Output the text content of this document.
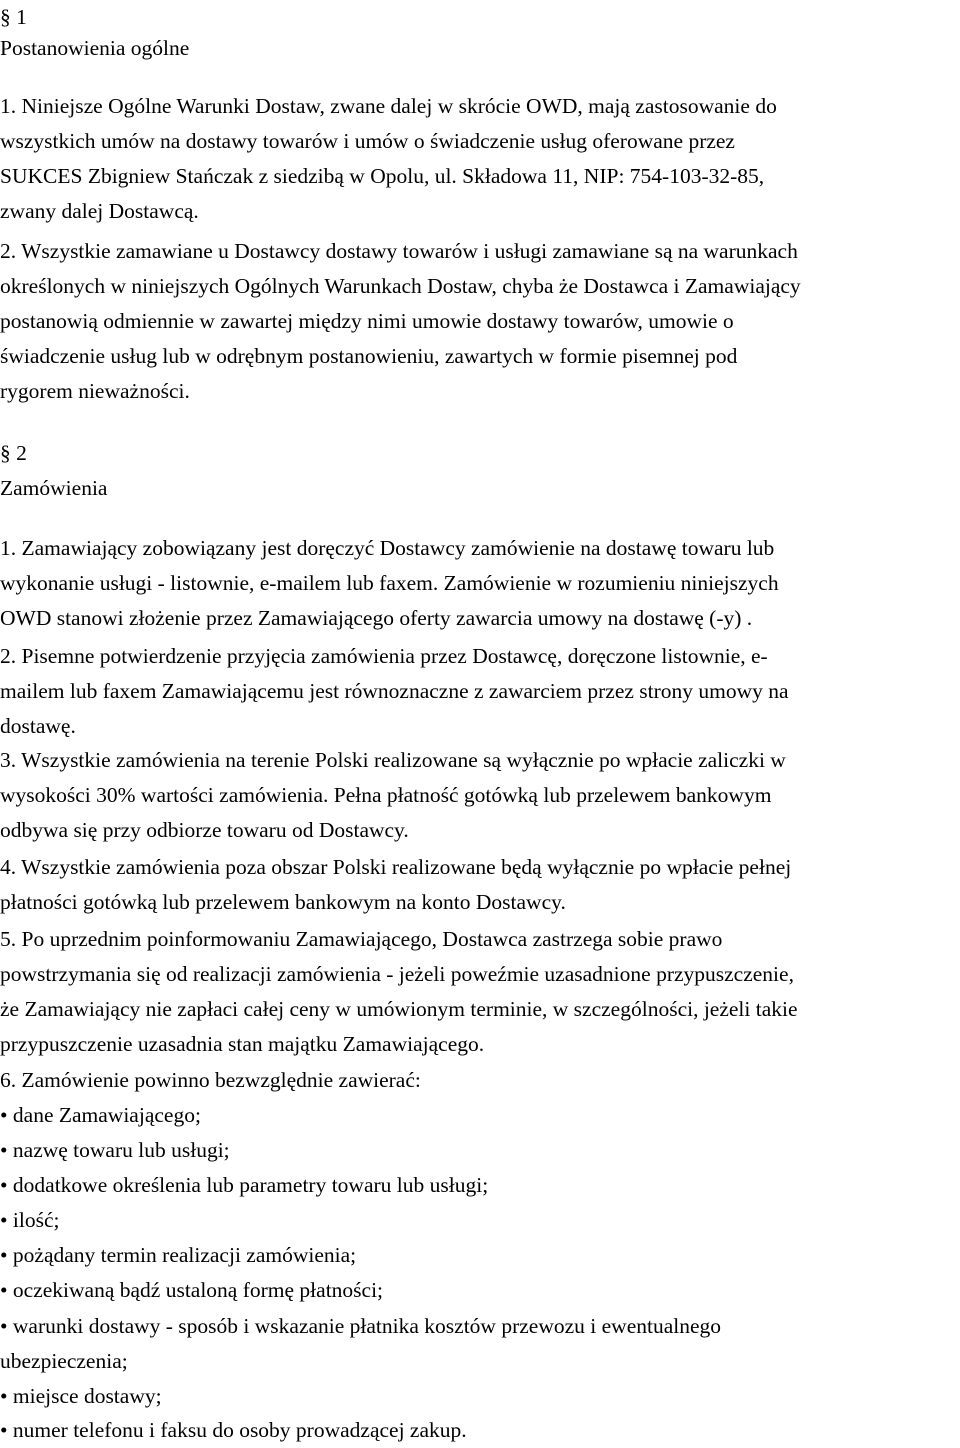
§ 1
Postanowienia ogólne
1. Niniejsze Ogólne Warunki Dostaw, zwane dalej w skrócie OWD, mają zastosowanie do
wszystkich umów na dostawy towarów i umów o świadczenie usług oferowane przez
SUKCES Zbigniew Stańczak z siedzibą w Opolu, ul. Składowa 11, NIP: 754-103-32-85,
zwany dalej Dostawcą.
2. Wszystkie zamawiane u Dostawcy dostawy towarów i usługi zamawiane są na warunkach
określonych w niniejszych Ogólnych Warunkach Dostaw, chyba że Dostawca i Zamawiający
postanowią odmiennie w zawartej między nimi umowie dostawy towarów, umowie o
świadczenie usług lub w odrębnym postanowieniu, zawartych w formie pisemnej pod
rygorem nieważności.
§ 2
Zamówienia
1. Zamawiający zobowiązany jest doręczyć Dostawcy zamówienie na dostawę towaru lub
wykonanie usługi - listownie, e-mailem lub faxem. Zamówienie w rozumieniu niniejszych
OWD stanowi złożenie przez Zamawiającego oferty zawarcia umowy na dostawę (-y) .
2. Pisemne potwierdzenie przyjęcia zamówienia przez Dostawcę, doręczone listownie, e-
mailem lub faxem Zamawiającemu jest równoznaczne z zawarciem przez strony umowy na
dostawę.
3. Wszystkie zamówienia na terenie Polski realizowane są wyłącznie po wpłacie zaliczki w
wysokości 30% wartości zamówienia. Pełna płatność gotówką lub przelewem bankowym
odbywa się przy odbiorze towaru od Dostawcy.
4. Wszystkie zamówienia poza obszar Polski realizowane będą wyłącznie po wpłacie pełnej
płatności gotówką lub przelewem bankowym na konto Dostawcy.
5. Po uprzednim poinformowaniu Zamawiającego, Dostawca zastrzega sobie prawo
powstrzymania się od realizacji zamówienia - jeżeli poweźmie uzasadnione przypuszczenie,
że Zamawiający nie zapłaci całej ceny w umówionym terminie, w szczególności, jeżeli takie
przypuszczenie uzasadnia stan majątku Zamawiającego.
6. Zamówienie powinno bezwzględnie zawierać:
• dane Zamawiającego;
• nazwę towaru lub usługi;
• dodatkowe określenia lub parametry towaru lub usługi;
• ilość;
• pożądany termin realizacji zamówienia;
• oczekiwaną bądź ustaloną formę płatności;
• warunki dostawy - sposób i wskazanie płatnika kosztów przewozu i ewentualnego
ubezpieczenia;
• miejsce dostawy;
• numer telefonu i faksu do osoby prowadzącej zakup.
